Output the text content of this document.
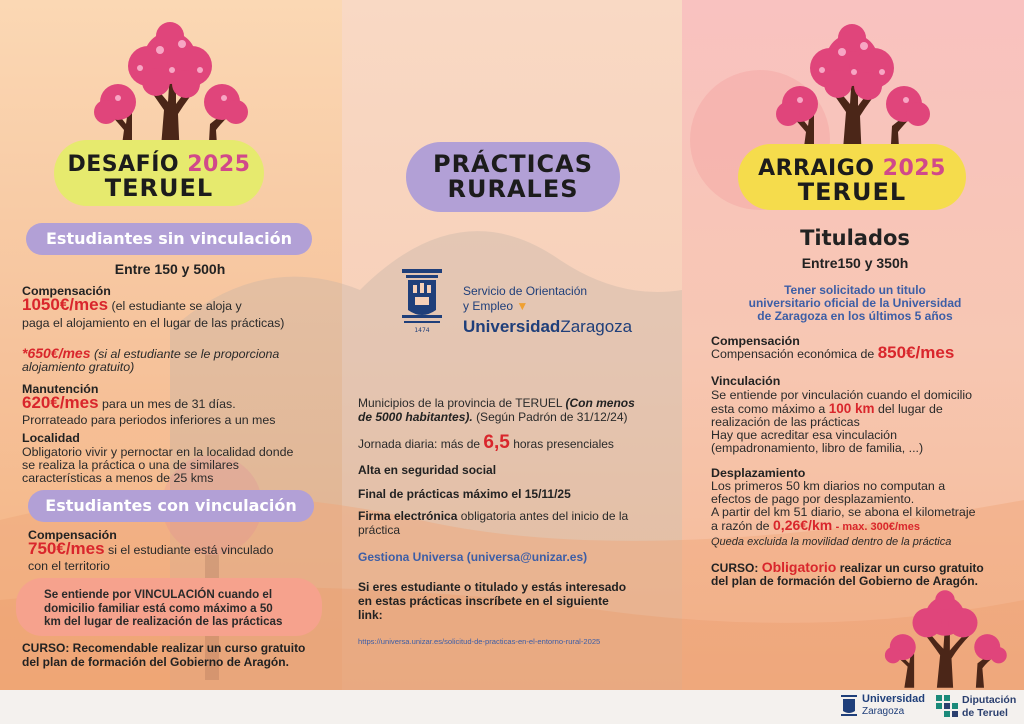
DESAFÍO 2025
TERUEL
Estudiantes sin vinculación
Entre 150 y 500h
Compensación
1050€/mes (el estudiante se aloja y
paga el alojamiento en el lugar de las prácticas)
*650€/mes (si al estudiante se le proporciona
alojamiento gratuito)
Manutención
620€/mes para un mes de 31 días.
Prorrateado para periodos inferiores a un mes
Localidad
Obligatorio vivir y pernoctar en la localidad donde
se realiza la práctica o una de similares
características a menos de 25 kms
Estudiantes con vinculación
Compensación
750€/mes si el estudiante está vinculado
con el territorio
Se entiende por VINCULACIÓN cuando el
domicilio familiar está como máximo a 50
km del lugar de realización de las prácticas
CURSO: Recomendable realizar un curso gratuito
del plan de formación del Gobierno de Aragón.
PRÁCTICAS
RURALES
1474
Servicio de Orientación
y Empleo ▼
UniversidadZaragoza
Municipios de la provincia de TERUEL (Con menos
de 5000 habitantes). (Según Padrón de 31/12/24)
Jornada diaria: más de 6,5 horas presenciales
Alta en seguridad social
Final de prácticas máximo el 15/11/25
Firma electrónica obligatoria antes del inicio de la
práctica
Gestiona Universa (universa@unizar.es)
Si eres estudiante o titulado y estás interesado
en estas prácticas inscríbete en el siguiente
link:
https://universa.unizar.es/solicitud-de-practicas-en-el-entorno-rural-2025
ARRAIGO 2025
TERUEL
Titulados
Entre150 y 350h
Tener solicitado un titulo
universitario oficial de la Universidad
de Zaragoza en los últimos 5 años
Compensación
Compensación económica de 850€/mes
Vinculación
Se entiende por vinculación cuando el domicilio
esta como máximo a 100 km del lugar de
realización de las prácticas
Hay que acreditar esa vinculación
(empadronamiento, libro de familia, ...)
Desplazamiento
Los primeros 50 km diarios no computan a
efectos de pago por desplazamiento.
A partir del km 51 diario, se abona el kilometraje
a razón de 0,26€/km - max. 300€/mes
Queda excluida la movilidad dentro de la práctica
CURSO: Obligatorio realizar un curso gratuito
del plan de formación del Gobierno de Aragón.
Universidad
Zaragoza
Diputación
de Teruel
